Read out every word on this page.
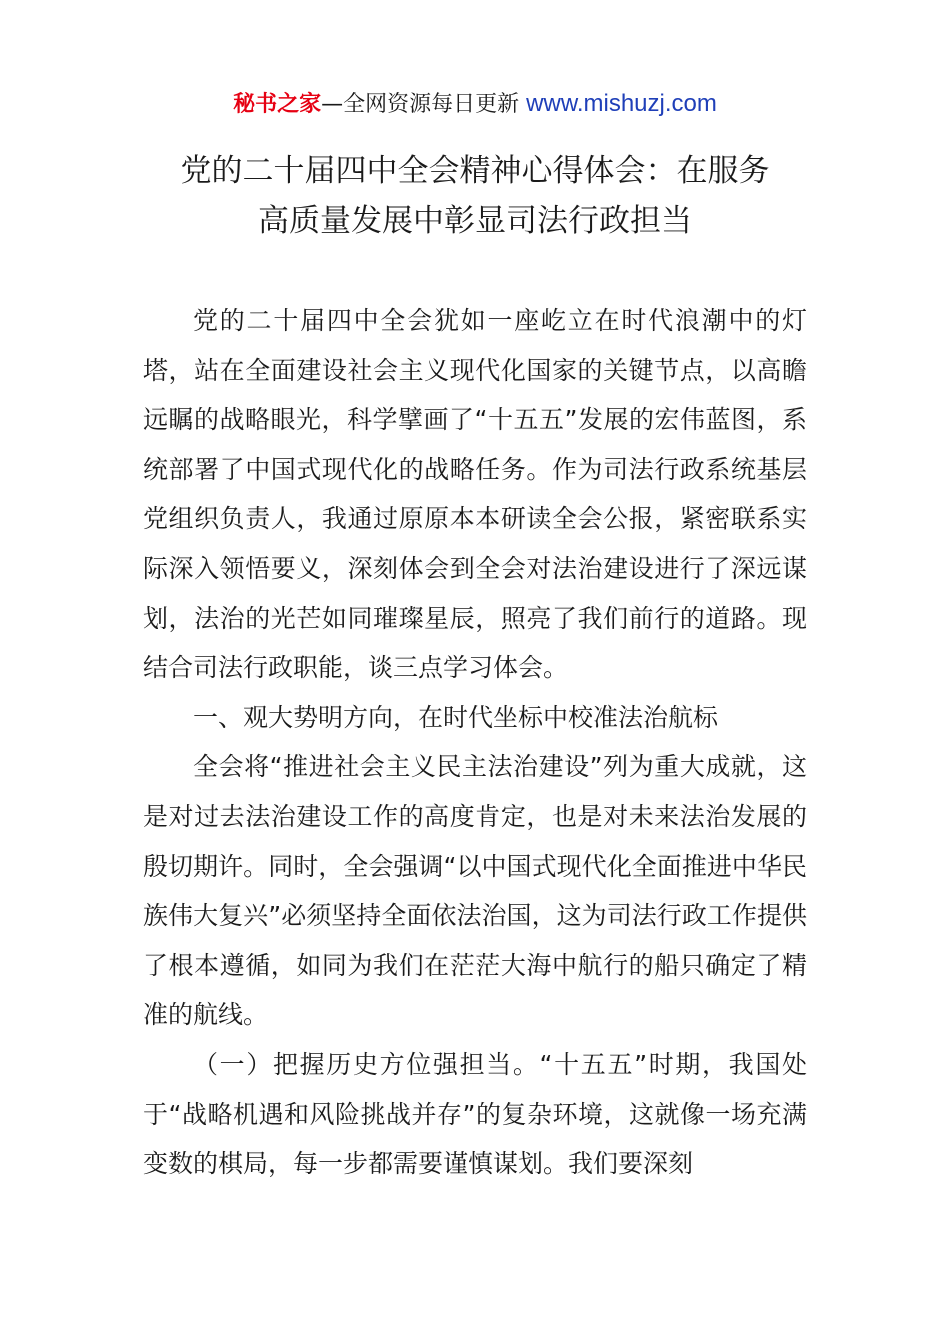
秘书之家—全网资源每日更新 www.mishuzj.com
党的二十届四中全会精神心得体会：在服务
高质量发展中彰显司法行政担当

党的二十届四中全会犹如一座屹立在时代浪潮中的灯塔，站在全面建设社会主义现代化国家的关键节点，以高瞻远瞩的战略眼光，科学擘画了“十五五”发展的宏伟蓝图，系统部署了中国式现代化的战略任务。作为司法行政系统基层党组织负责人，我通过原原本本研读全会公报，紧密联系实际深入领悟要义，深刻体会到全会对法治建设进行了深远谋划，法治的光芒如同璀璨星辰，照亮了我们前行的道路。现结合司法行政职能，谈三点学习体会。

一、观大势明方向，在时代坐标中校准法治航标

全会将“推进社会主义民主法治建设”列为重大成就，这是对过去法治建设工作的高度肯定，也是对未来法治发展的殷切期许。同时，全会强调“以中国式现代化全面推进中华民族伟大复兴”必须坚持全面依法治国，这为司法行政工作提供了根本遵循，如同为我们在茫茫大海中航行的船只确定了精准的航线。

（一）把握历史方位强担当。“十五五”时期，我国处于“战略机遇和风险挑战并存”的复杂环境，这就像一场充满变数的棋局，每一步都需要谨慎谋划。我们要深刻
